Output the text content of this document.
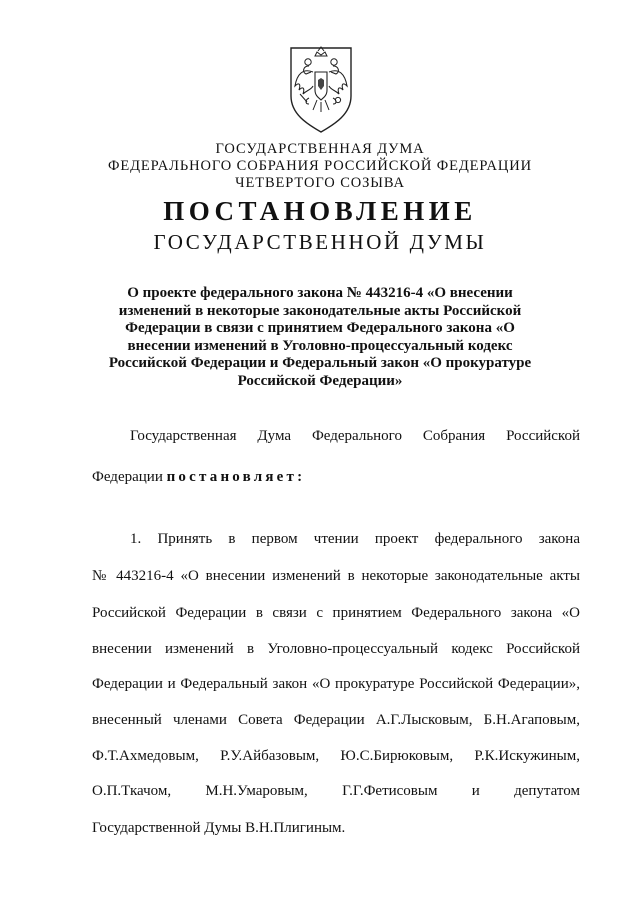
ГОСУДАРСТВЕННАЯ ДУМА
ФЕДЕРАЛЬНОГО СОБРАНИЯ РОССИЙСКОЙ ФЕДЕРАЦИИ
ЧЕТВЕРТОГО СОЗЫВА
ПОСТАНОВЛЕНИЕ
ГОСУДАРСТВЕННОЙ ДУМЫ
О проекте федерального закона № 443216-4 «О внесении изменений в некоторые законодательные акты Российской Федерации в связи с принятием Федерального закона «О внесении изменений в Уголовно-процессуальный кодекс Российской Федерации и Федеральный закон «О прокуратуре Российской Федерации»
Государственная Дума Федерального Собрания Российской
Федерации постановляет:
1. Принять в первом чтении проект федерального закона
№ 443216-4 «О внесении изменений в некоторые законодательные акты
Российской Федерации в связи с принятием Федерального закона «О
внесении изменений в Уголовно-процессуальный кодекс Российской
Федерации и Федеральный закон «О прокуратуре Российской Федерации»,
внесенный членами Совета Федерации А.Г.Лысковым, Б.Н.Агаповым,
Ф.Т.Ахмедовым, Р.У.Айбазовым, Ю.С.Бирюковым, Р.К.Искужиным,
О.П.Ткачом, М.Н.Умаровым, Г.Г.Фетисовым и депутатом
Государственной Думы В.Н.Плигиным.
